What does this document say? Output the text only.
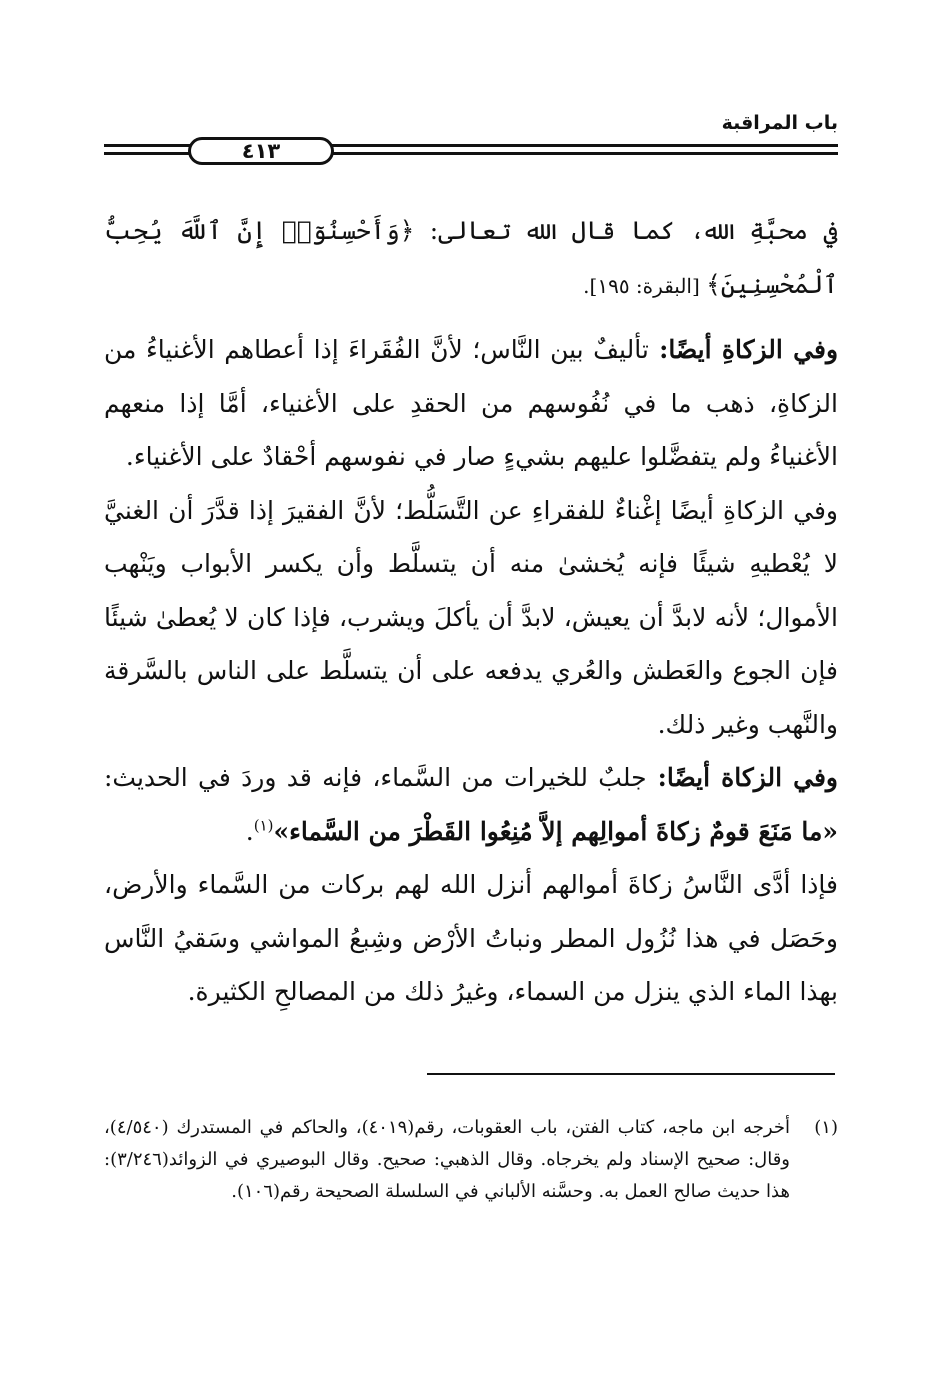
باب المراقبة
٤١٣

في محبَّةِ الله، كما قال الله تعالى: ﴿وَأَحْسِنُوٓا۟ إِنَّ ٱللَّهَ يُحِبُّ ٱلْمُحْسِنِينَ﴾ [البقرة: ١٩٥].

وفي الزكاةِ أيضًا: تأليفٌ بين النَّاس؛ لأنَّ الفُقَراءَ إذا أعطاهم الأغنياءُ من الزكاةِ، ذهب ما في نُفُوسهم من الحقدِ على الأغنياء، أمَّا إذا منعهم الأغنياءُ ولم يتفضَّلوا عليهم بشيءٍ صار في نفوسهم أحْقادٌ على الأغنياء.

وفي الزكاةِ أيضًا إغْناءٌ للفقراءِ عن التَّسَلُّط؛ لأنَّ الفقيرَ إذا قدَّرَ أن الغنيَّ لا يُعْطيهِ شيئًا فإنه يُخشىٰ منه أن يتسلَّط وأن يكسر الأبواب ويَنْهب الأموال؛ لأنه لابدَّ أن يعيش، لابدَّ أن يأكلَ ويشرب، فإذا كان لا يُعطىٰ شيئًا فإن الجوع والعَطش والعُري يدفعه على أن يتسلَّط على الناس بالسَّرقة والنَّهب وغير ذلك.

وفي الزكاة أيضًا: جلبٌ للخيرات من السَّماء، فإنه قد وردَ في الحديث: «ما مَنَعَ قومٌ زكاةَ أموالِهم إلاَّ مُنِعُوا القَطْرَ من السَّماء»$^{(١)}$.

فإذا أدَّى النَّاسُ زكاةَ أموالهم أنزل الله لهم بركات من السَّماء والأرض، وحَصَل في هذا نُزُول المطر ونباتُ الأرْض وشِبعُ المواشي وسَقيُ النَّاس بهذا الماء الذي ينزل من السماء، وغيرُ ذلك من المصالحِ الكثيرة.

(١)
أخرجه ابن ماجه، كتاب الفتن، باب العقوبات، رقم(٤٠١٩)، والحاكم في المستدرك (٤/٥٤٠)، وقال: صحيح الإسناد ولم يخرجاه. وقال الذهبي: صحيح. وقال البوصيري في الزوائد(٣/٢٤٦): هذا حديث صالح العمل به. وحسَّنه الألباني في السلسلة الصحيحة رقم(١٠٦).
